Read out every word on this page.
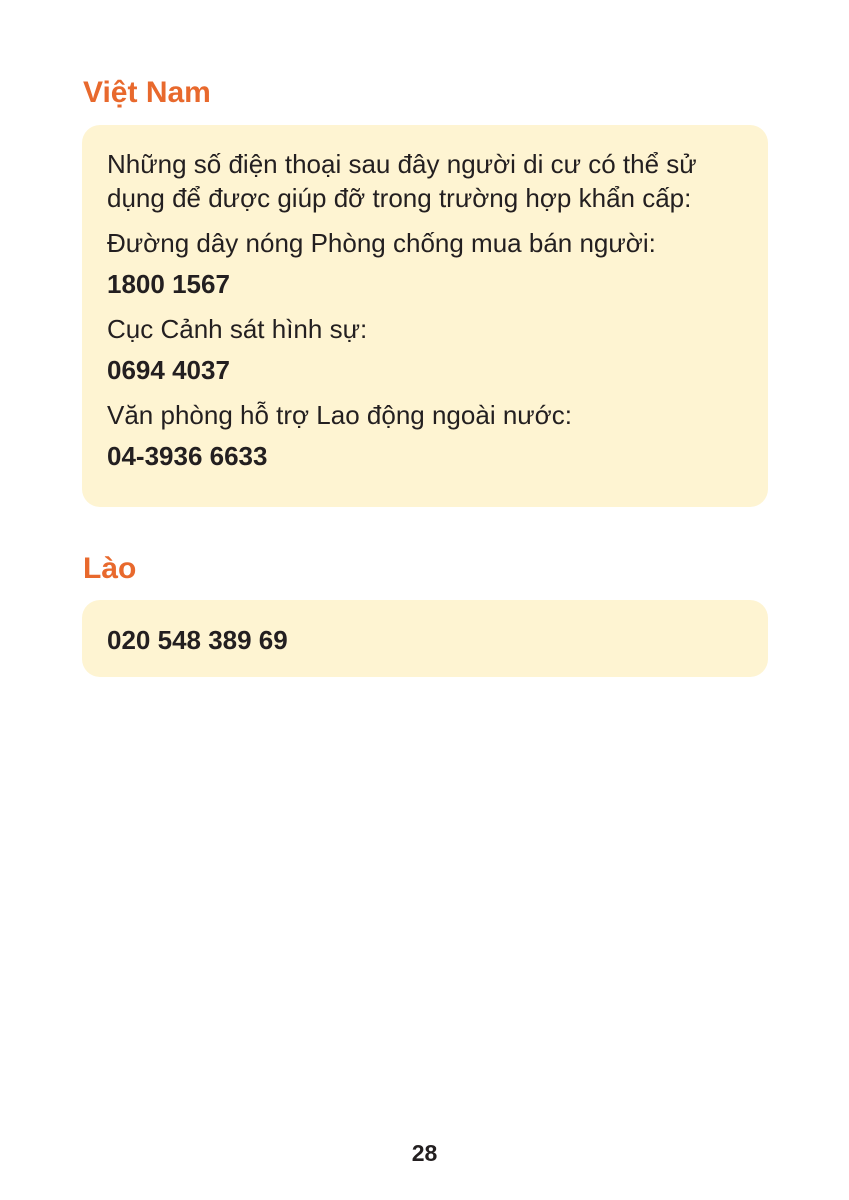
Việt Nam

Những số điện thoại sau đây người di cư có thể sử dụng để được giúp đỡ trong trường hợp khẩn cấp:

Đường dây nóng Phòng chống mua bán người:

1800 1567

Cục Cảnh sát hình sự:

0694 4037

Văn phòng hỗ trợ Lao động ngoài nước:

04-3936 6633

Lào

020 548 389 69

28
